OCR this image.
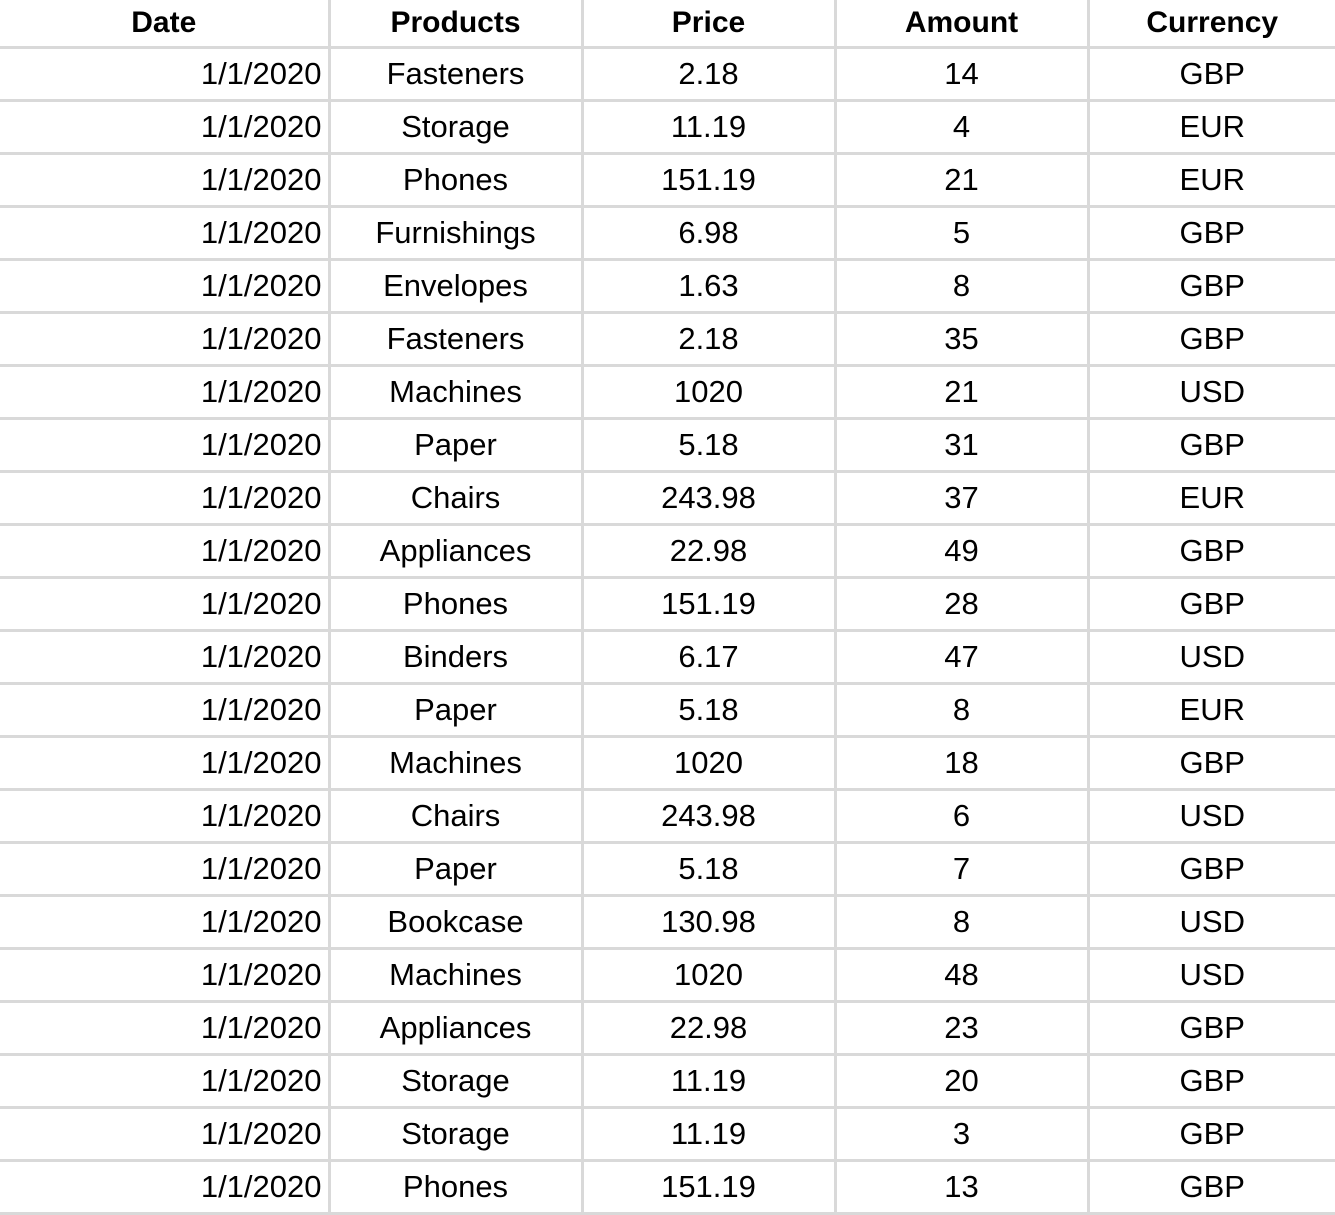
Date	Products	Price	Amount	Currency
1/1/2020	Fasteners	2.18	14	GBP
1/1/2020	Storage	11.19	4	EUR
1/1/2020	Phones	151.19	21	EUR
1/1/2020	Furnishings	6.98	5	GBP
1/1/2020	Envelopes	1.63	8	GBP
1/1/2020	Fasteners	2.18	35	GBP
1/1/2020	Machines	1020	21	USD
1/1/2020	Paper	5.18	31	GBP
1/1/2020	Chairs	243.98	37	EUR
1/1/2020	Appliances	22.98	49	GBP
1/1/2020	Phones	151.19	28	GBP
1/1/2020	Binders	6.17	47	USD
1/1/2020	Paper	5.18	8	EUR
1/1/2020	Machines	1020	18	GBP
1/1/2020	Chairs	243.98	6	USD
1/1/2020	Paper	5.18	7	GBP
1/1/2020	Bookcase	130.98	8	USD
1/1/2020	Machines	1020	48	USD
1/1/2020	Appliances	22.98	23	GBP
1/1/2020	Storage	11.19	20	GBP
1/1/2020	Storage	11.19	3	GBP
1/1/2020	Phones	151.19	13	GBP
